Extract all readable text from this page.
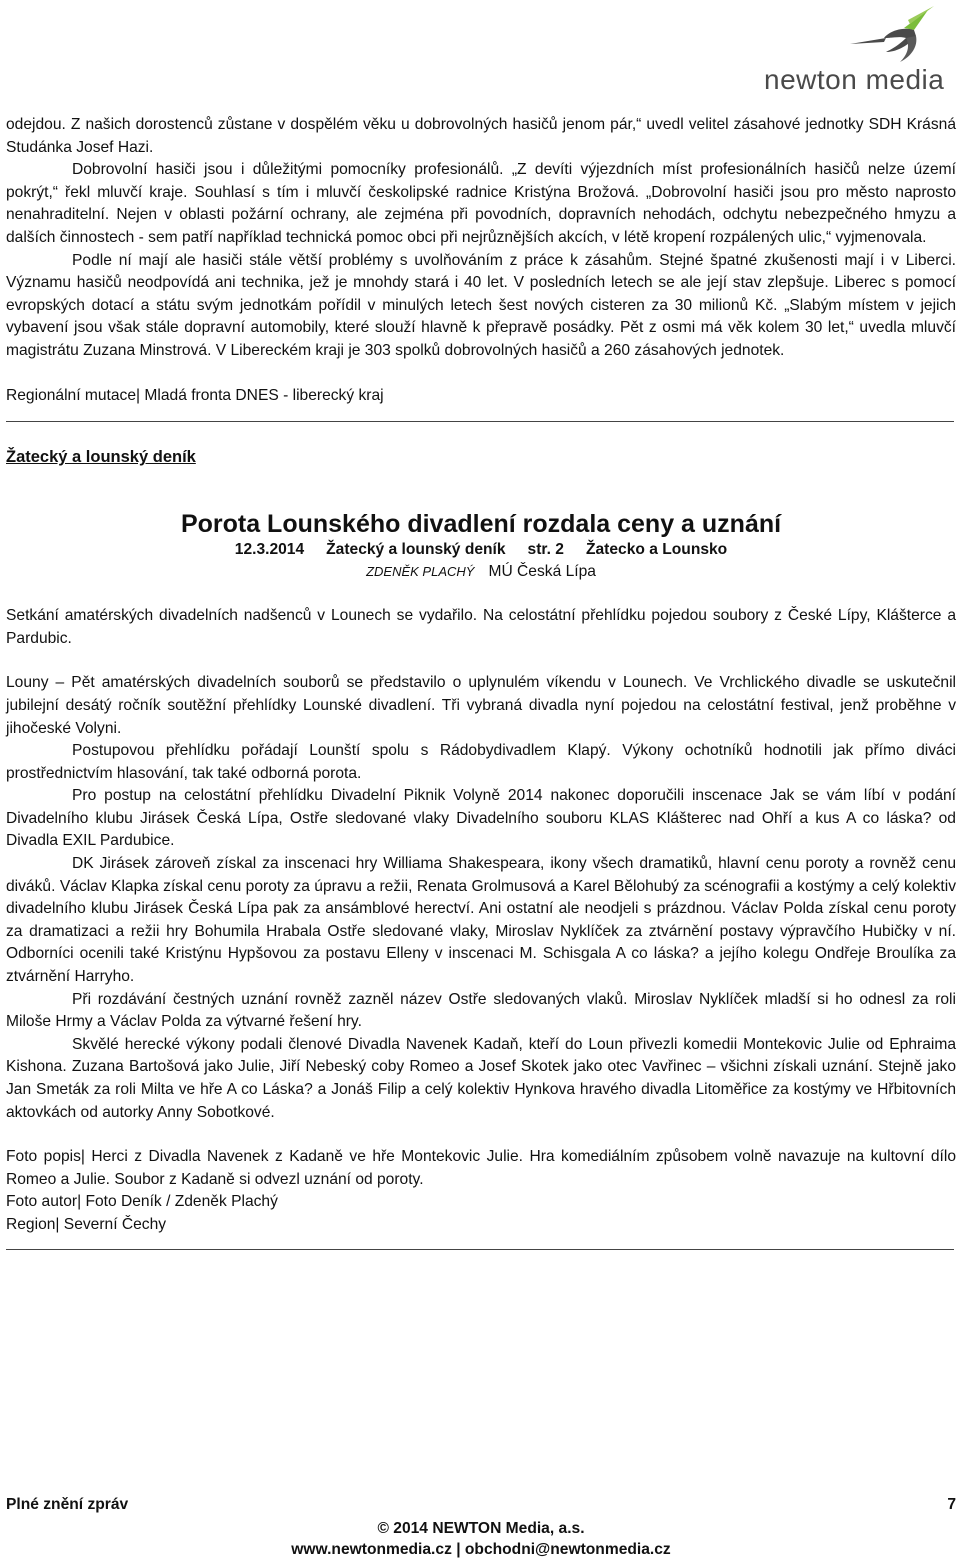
newton media

odejdou. Z našich dorostenců zůstane v dospělém věku u dobrovolných hasičů jenom pár,“ uvedl velitel zásahové jednotky SDH Krásná Studánka Josef Hazi.

Dobrovolní hasiči jsou i důležitými pomocníky profesionálů. „Z devíti výjezdních míst profesionálních hasičů nelze území pokrýt,“ řekl mluvčí kraje. Souhlasí s tím i mluvčí českolipské radnice Kristýna Brožová. „Dobrovolní hasiči jsou pro město naprosto nenahraditelní. Nejen v oblasti požární ochrany, ale zejména při povodních, dopravních nehodách, odchytu nebezpečného hmyzu a dalších činnostech - sem patří například technická pomoc obci při nejrůznějších akcích, v létě kropení rozpálených ulic,“ vyjmenovala.

Podle ní mají ale hasiči stále větší problémy s uvolňováním z práce k zásahům. Stejné špatné zkušenosti mají i v Liberci. Významu hasičů neodpovídá ani technika, jež je mnohdy stará i 40 let. V posledních letech se ale její stav zlepšuje. Liberec s pomocí evropských dotací a státu svým jednotkám pořídil v minulých letech šest nových cisteren za 30 milionů Kč. „Slabým místem v jejich vybavení jsou však stále dopravní automobily, které slouží hlavně k přepravě posádky. Pět z osmi má věk kolem 30 let,“ uvedla mluvčí magistrátu Zuzana Minstrová. V Libereckém kraji je 303 spolků dobrovolných hasičů a 260 zásahových jednotek.

Regionální mutace| Mladá fronta DNES - liberecký kraj

Žatecký a lounský deník

Porota Lounského divadlení rozdala ceny a uznání

12.3.2014 Žatecký a lounský deník str. 2 Žatecko a Lounsko

ZDENĚK PLACHÝ MÚ Česká Lípa

Setkání amatérských divadelních nadšenců v Lounech se vydařilo. Na celostátní přehlídku pojedou soubory z České Lípy, Klášterce a Pardubic.

Louny – Pět amatérských divadelních souborů se představilo o uplynulém víkendu v Lounech. Ve Vrchlického divadle se uskutečnil jubilejní desátý ročník soutěžní přehlídky Lounské divadlení. Tři vybraná divadla nyní pojedou na celostátní festival, jenž proběhne v jihočeské Volyni.

Postupovou přehlídku pořádají Lounští spolu s Rádobydivadlem Klapý. Výkony ochotníků hodnotili jak přímo diváci prostřednictvím hlasování, tak také odborná porota.

Pro postup na celostátní přehlídku Divadelní Piknik Volyně 2014 nakonec doporučili inscenace Jak se vám líbí v podání Divadelního klubu Jirásek Česká Lípa, Ostře sledované vlaky Divadelního souboru KLAS Klášterec nad Ohří a kus A co láska? od Divadla EXIL Pardubice.

DK Jirásek zároveň získal za inscenaci hry Williama Shakespeara, ikony všech dramatiků, hlavní cenu poroty a rovněž cenu diváků. Václav Klapka získal cenu poroty za úpravu a režii, Renata Grolmusová a Karel Bělohubý za scénografii a kostýmy a celý kolektiv divadelního klubu Jirásek Česká Lípa pak za ansámblové herectví. Ani ostatní ale neodjeli s prázdnou. Václav Polda získal cenu poroty za dramatizaci a režii hry Bohumila Hrabala Ostře sledované vlaky, Miroslav Nyklíček za ztvárnění postavy výpravčího Hubičky v ní. Odborníci ocenili také Kristýnu Hypšovou za postavu Elleny v inscenaci M. Schisgala A co láska? a jejího kolegu Ondřeje Broulíka za ztvárnění Harryho.

Při rozdávání čestných uznání rovněž zazněl název Ostře sledovaných vlaků. Miroslav Nyklíček mladší si ho odnesl za roli Miloše Hrmy a Václav Polda za výtvarné řešení hry.

Skvělé herecké výkony podali členové Divadla Navenek Kadaň, kteří do Loun přivezli komedii Montekovic Julie od Ephraima Kishona. Zuzana Bartošová jako Julie, Jiří Nebeský coby Romeo a Josef Skotek jako otec Vavřinec – všichni získali uznání. Stejně jako Jan Smeták za roli Milta ve hře A co Láska? a Jonáš Filip a celý kolektiv Hynkova hravého divadla Litoměřice za kostýmy ve Hřbitovních aktovkách od autorky Anny Sobotkové.

Foto popis| Herci z Divadla Navenek z Kadaně ve hře Montekovic Julie. Hra komediálním způsobem volně navazuje na kultovní dílo Romeo a Julie. Soubor z Kadaně si odvezl uznání od poroty.

Foto autor| Foto Deník / Zdeněk Plachý

Region| Severní Čechy

Plné znění zpráv	7
© 2014 NEWTON Media, a.s.
www.newtonmedia.cz | obchodni@newtonmedia.cz
